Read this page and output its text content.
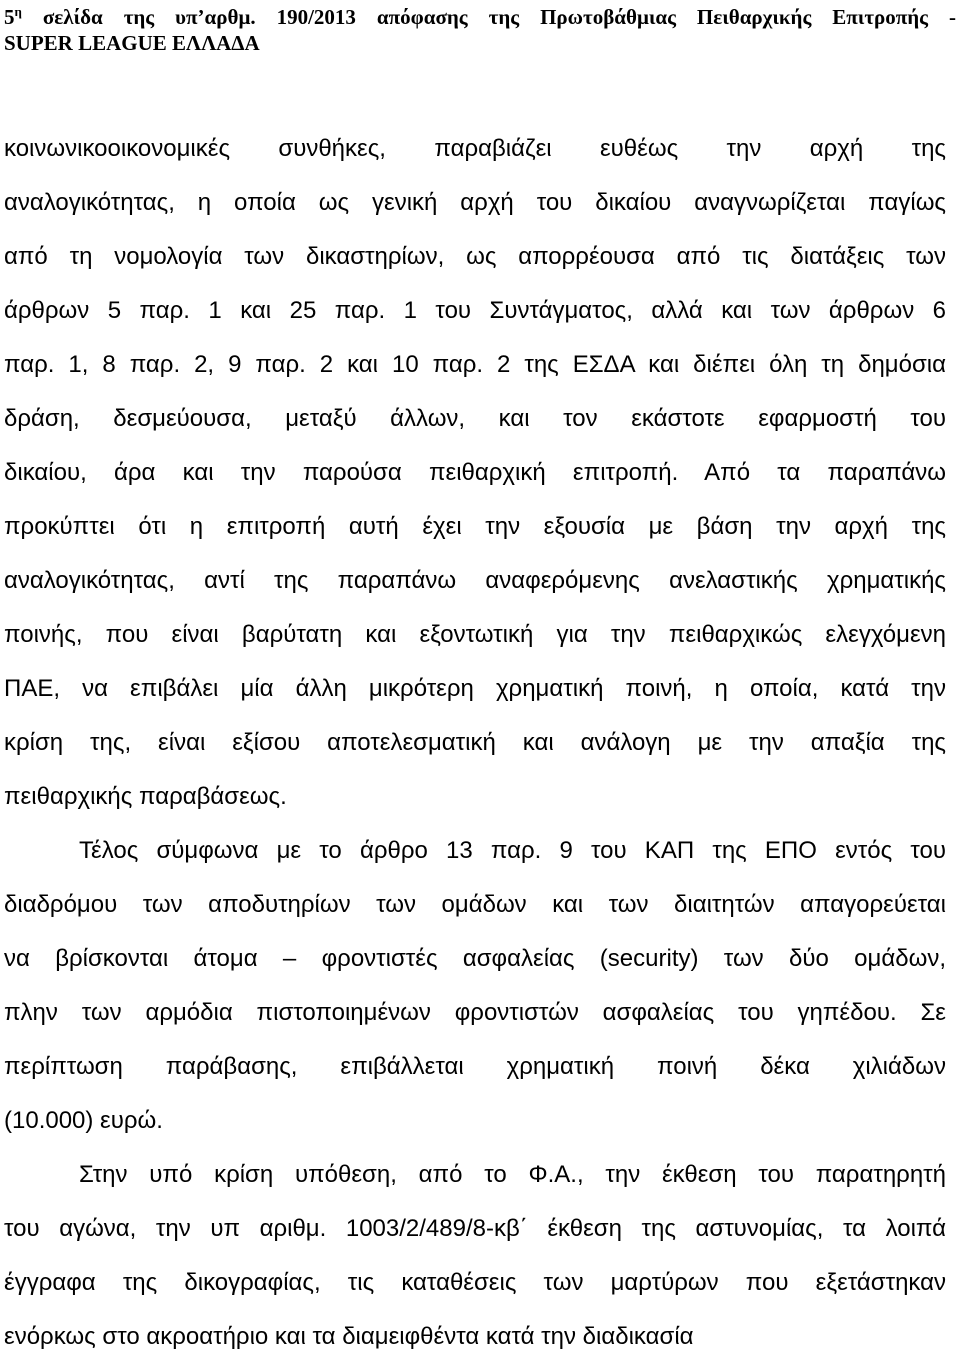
$5^\eta$ σελίδα της υπ’αρθμ. 190/2013 απόφασης της Πρωτοβάθμιας Πειθαρχικής Επιτροπής -
SUPER LEAGUE ΕΛΛΑΔΑ
κοινωνικοοικονομικές συνθήκες, παραβιάζει ευθέως την αρχή της
αναλογικότητας, η οποία ως γενική αρχή του δικαίου αναγνωρίζεται παγίως
από τη νομολογία των δικαστηρίων, ως απορρέουσα από τις διατάξεις των
άρθρων 5 παρ. 1 και 25 παρ. 1 του Συντάγματος, αλλά και των άρθρων 6
παρ. 1, 8 παρ. 2, 9 παρ. 2 και 10 παρ. 2 της ΕΣΔΑ και διέπει όλη τη δημόσια
δράση, δεσμεύουσα, μεταξύ άλλων, και τον εκάστοτε εφαρμοστή του
δικαίου, άρα και την παρούσα πειθαρχική επιτροπή. Από τα παραπάνω
προκύπτει ότι η επιτροπή αυτή έχει την εξουσία με βάση την αρχή της
αναλογικότητας, αντί της παραπάνω αναφερόμενης ανελαστικής χρηματικής
ποινής, που είναι βαρύτατη και εξοντωτική για την πειθαρχικώς ελεγχόμενη
ΠΑΕ, να επιβάλει μία άλλη μικρότερη χρηματική ποινή, η οποία, κατά την
κρίση της, είναι εξίσου αποτελεσματική και ανάλογη με την απαξία της
πειθαρχικής παραβάσεως.
Τέλος σύμφωνα με το άρθρο 13 παρ. 9 του ΚΑΠ της ΕΠΟ εντός του
διαδρόμου των αποδυτηρίων των ομάδων και των διαιτητών απαγορεύεται
να βρίσκονται άτομα – φροντιστές ασφαλείας (security) των δύο ομάδων,
πλην των αρμόδια πιστοποιημένων φροντιστών ασφαλείας του γηπέδου. Σε
περίπτωση παράβασης, επιβάλλεται χρηματική ποινή δέκα χιλιάδων
(10.000) ευρώ.
Στην υπό κρίση υπόθεση, από το Φ.Α., την έκθεση του παρατηρητή
του αγώνα, την υπ αριθμ. 1003/2/489/8-κβ΄ έκθεση της αστυνομίας, τα λοιπά
έγγραφα της δικογραφίας, τις καταθέσεις των μαρτύρων που εξετάστηκαν
ενόρκως στο ακροατήριο και τα διαμειφθέντα κατά την διαδικασία
